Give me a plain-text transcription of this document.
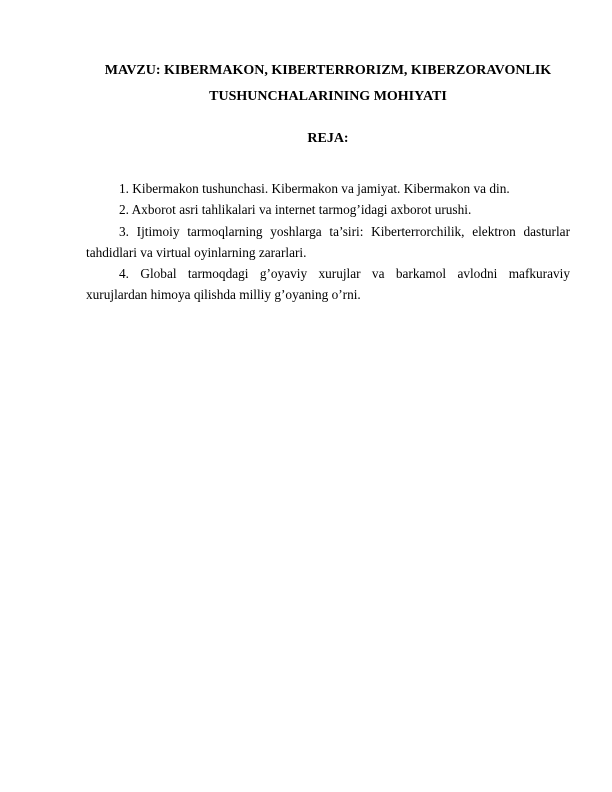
MAVZU: KIBERMAKON, KIBERTERRORIZM, KIBERZORAVONLIK
TUSHUNCHALARINING MOHIYATI
REJA:
1. Kibermakon tushunchasi. Kibermakon va jamiyat. Kibermakon va din.
2. Axborot asri tahlikalari va internet tarmog’idagi axborot urushi.
3. Ijtimoiy tarmoqlarning yoshlarga ta’siri: Kiberterrorchilik, elektron dasturlar tahdidlari va virtual oyinlarning zararlari.
4. Global tarmoqdagi g’oyaviy xurujlar va barkamol avlodni mafkuraviy xurujlardan himoya qilishda milliy g’oyaning o’rni.
